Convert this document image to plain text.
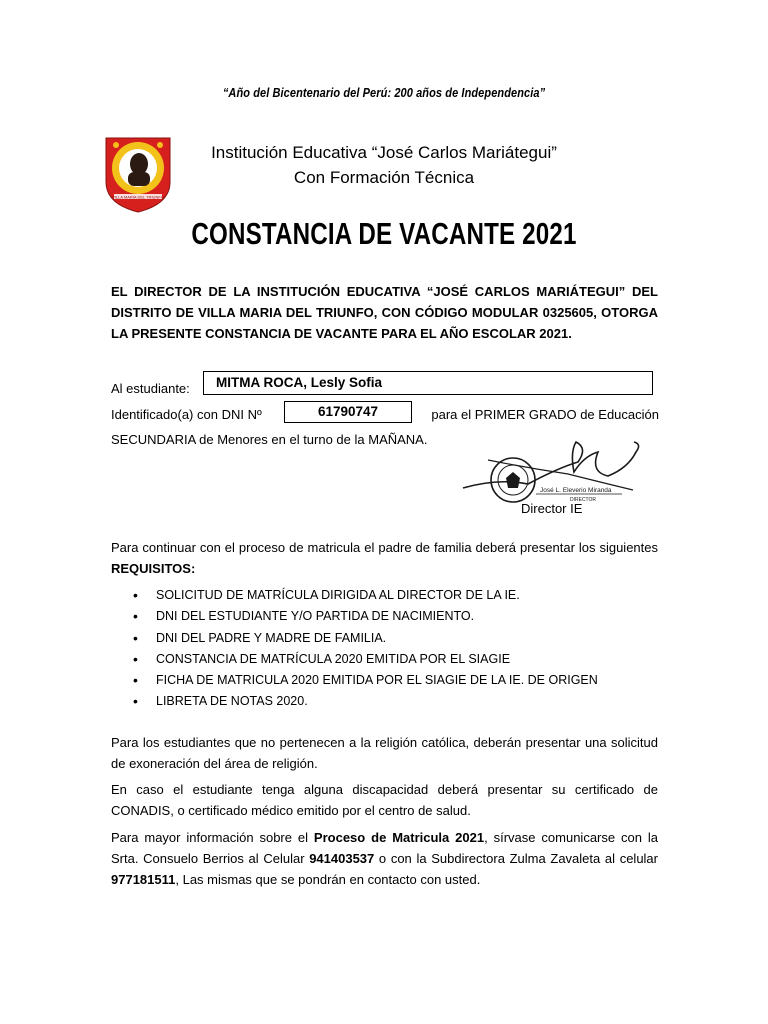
“Año del Bicentenario del Perú: 200 años de Independencia”
VILLA MARIA DEL TRIUNFO
Institución Educativa “José Carlos Mariátegui”
Con Formación Técnica
CONSTANCIA DE VACANTE 2021
EL DIRECTOR DE LA INSTITUCIÓN EDUCATIVA “JOSÉ CARLOS MARIÁTEGUI” DEL DISTRITO DE VILLA MARIA DEL TRIUNFO, CON CÓDIGO MODULAR 0325605, OTORGA LA PRESENTE CONSTANCIA DE VACANTE PARA EL AÑO ESCOLAR 2021.
Al estudiante: MITMA ROCA, Lesly Sofia
Identificado(a) con DNI Nº	61790747	para el PRIMER GRADO de Educación
SECUNDARIA de Menores en el turno de la MAÑANA.
José L. Eleverio Miranda
DIRECTOR
Director IE
Para continuar con el proceso de matricula el padre de familia deberá presentar los siguientes REQUISITOS:
• SOLICITUD DE MATRÍCULA DIRIGIDA AL DIRECTOR DE LA IE.
• DNI DEL ESTUDIANTE Y/O PARTIDA DE NACIMIENTO.
• DNI DEL PADRE Y MADRE DE FAMILIA.
• CONSTANCIA DE MATRÍCULA 2020 EMITIDA POR EL SIAGIE
• FICHA DE MATRICULA 2020 EMITIDA POR EL SIAGIE DE LA IE. DE ORIGEN
• LIBRETA DE NOTAS 2020.
Para los estudiantes que no pertenecen a la religión católica, deberán presentar una solicitud de exoneración del área de religión.
En caso el estudiante tenga alguna discapacidad deberá presentar su certificado de CONADIS, o certificado médico emitido por el centro de salud.
Para mayor información sobre el Proceso de Matricula 2021, sírvase comunicarse con la Srta. Consuelo Berrios al Celular 941403537 o con la Subdirectora Zulma Zavaleta al celular 977181511, Las mismas que se pondrán en contacto con usted.
